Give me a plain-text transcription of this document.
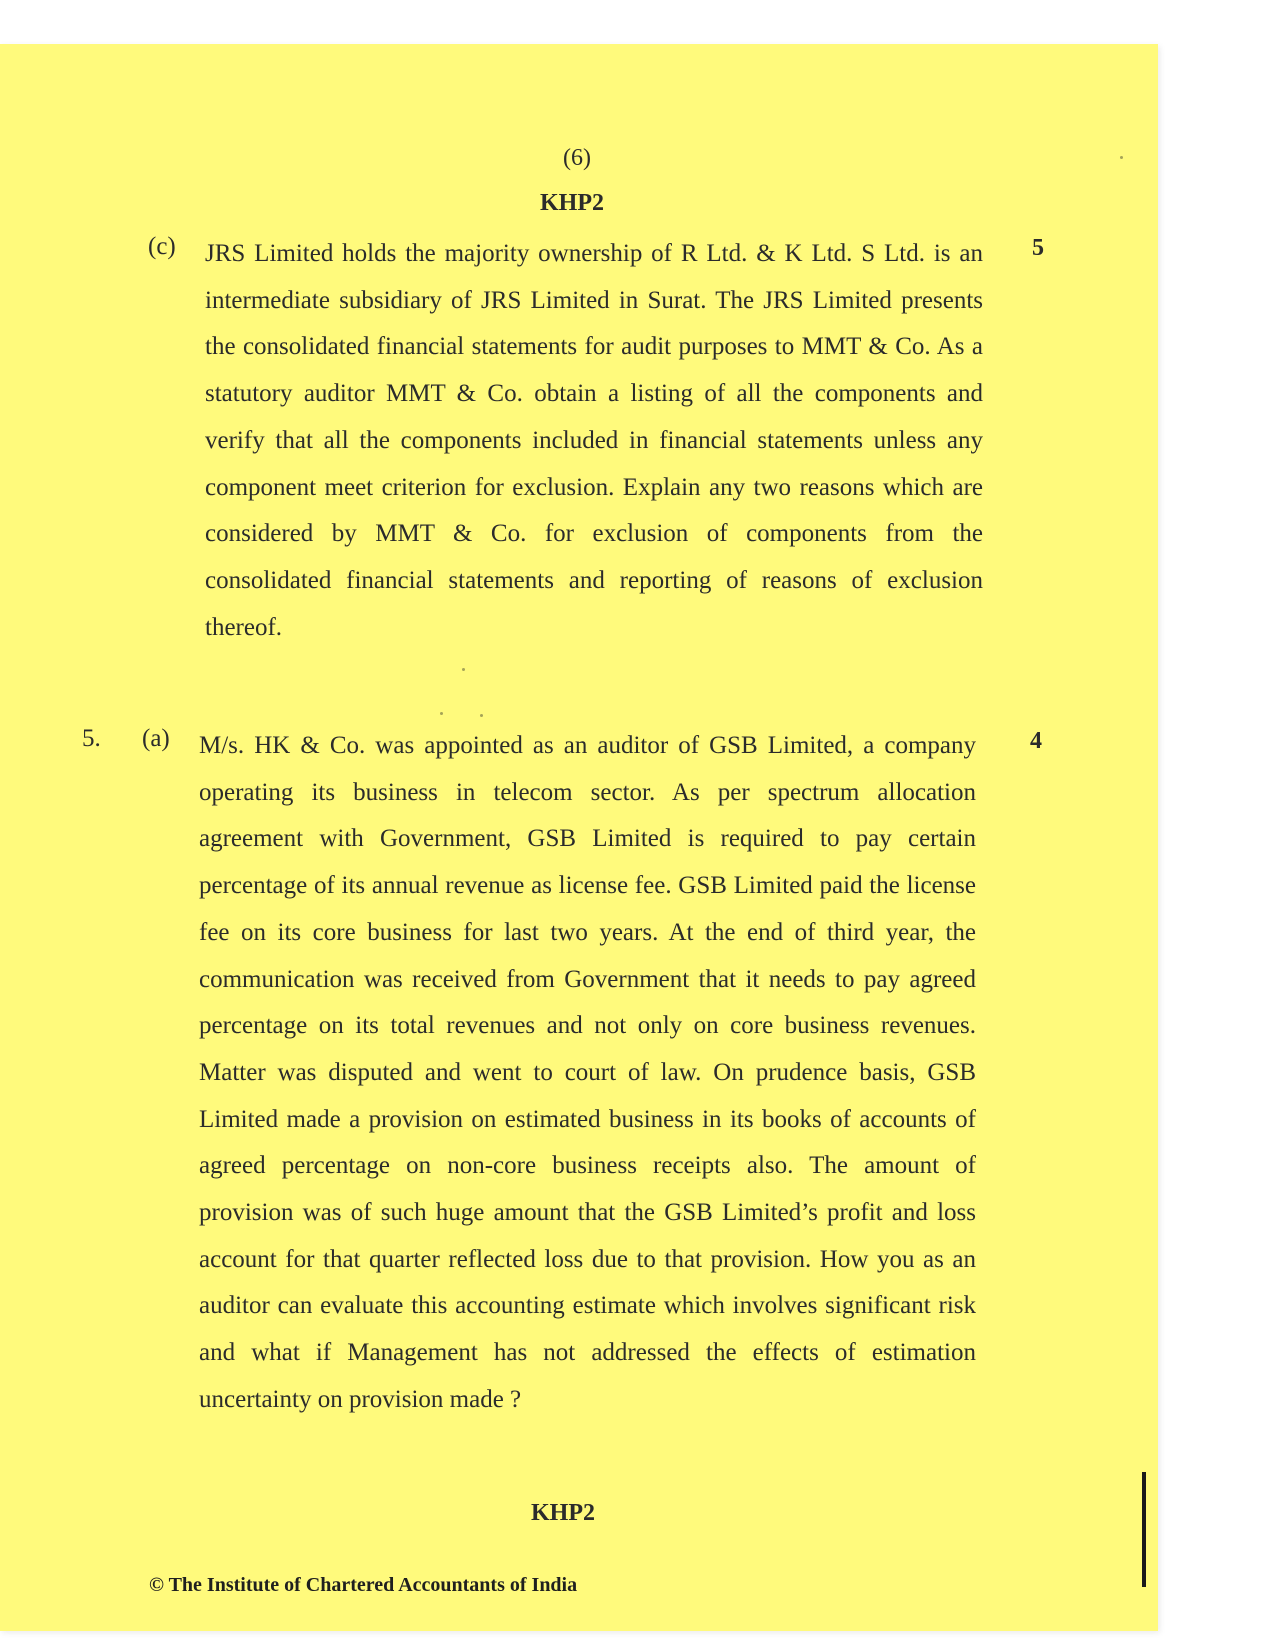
(6)
KHP2
(c)	5
JRS Limited holds the majority ownership of R Ltd. & K Ltd. S Ltd. is an intermediate subsidiary of JRS Limited in Surat. The JRS Limited presents the consolidated financial statements for audit purposes to MMT & Co. As a statutory auditor MMT & Co. obtain a listing of all the components and verify that all the components included in financial statements unless any component meet criterion for exclusion. Explain any two reasons which are considered by MMT & Co. for exclusion of components from the consolidated financial statements and reporting of reasons of exclusion thereof.
5. (a)	4
M/s. HK & Co. was appointed as an auditor of GSB Limited, a company operating its business in telecom sector. As per spectrum allocation agreement with Government, GSB Limited is required to pay certain percentage of its annual revenue as license fee. GSB Limited paid the license fee on its core business for last two years. At the end of third year, the communication was received from Government that it needs to pay agreed percentage on its total revenues and not only on core business revenues. Matter was disputed and went to court of law. On prudence basis, GSB Limited made a provision on estimated business in its books of accounts of agreed percentage on non-core business receipts also. The amount of provision was of such huge amount that the GSB Limited’s profit and loss account for that quarter reflected loss due to that provision. How you as an auditor can evaluate this accounting estimate which involves significant risk and what if Management has not addressed the effects of estimation uncertainty on provision made ?
KHP2
© The Institute of Chartered Accountants of India
